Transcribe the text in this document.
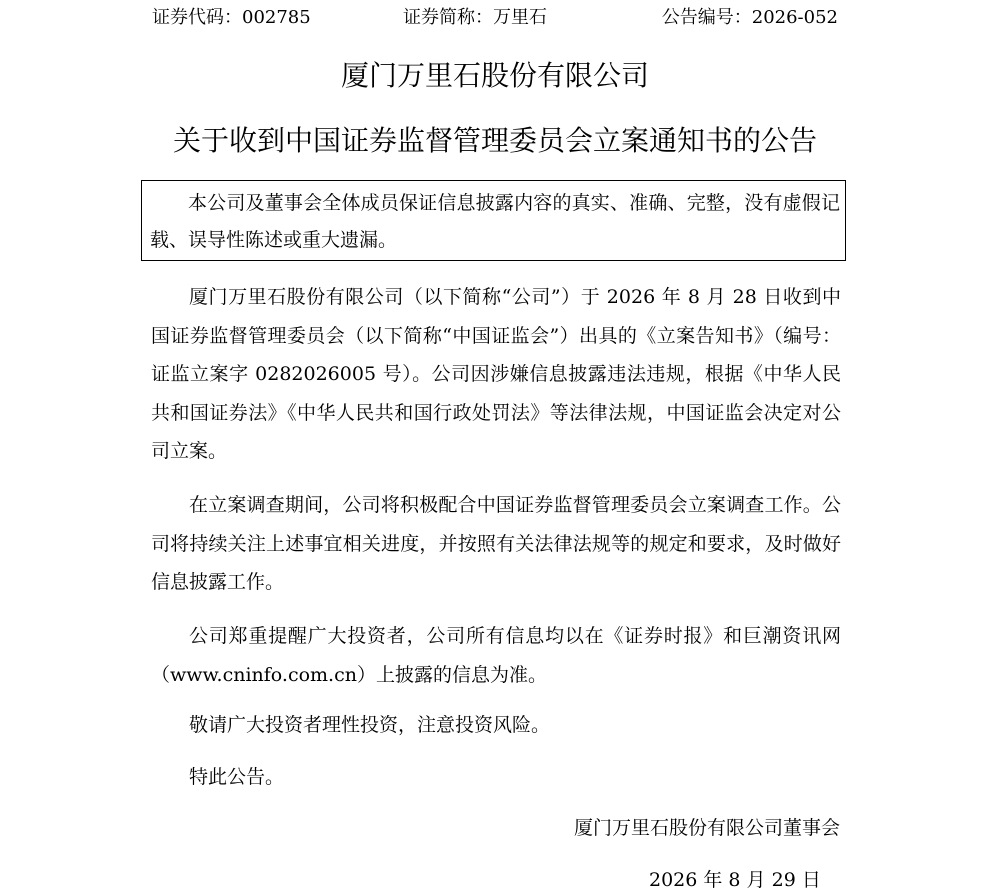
证券代码：002785	证券简称：万里石	公告编号：2026-052
厦门万里石股份有限公司
关于收到中国证券监督管理委员会立案通知书的公告

本公司及董事会全体成员保证信息披露内容的真实、准确、完整，没有虚假记载、误导性陈述或重大遗漏。

厦门万里石股份有限公司（以下简称“公司”）于 2026 年 8 月 28 日收到中国证券监督管理委员会（以下简称“中国证监会”）出具的《立案告知书》（编号：证监立案字 0282026005 号）。公司因涉嫌信息披露违法违规，根据《中华人民共和国证券法》《中华人民共和国行政处罚法》等法律法规，中国证监会决定对公司立案。

在立案调查期间，公司将积极配合中国证券监督管理委员会立案调查工作。公司将持续关注上述事宜相关进度，并按照有关法律法规等的规定和要求，及时做好信息披露工作。

公司郑重提醒广大投资者，公司所有信息均以在《证券时报》和巨潮资讯网（www.cninfo.com.cn）上披露的信息为准。

敬请广大投资者理性投资，注意投资风险。

特此公告。

厦门万里石股份有限公司董事会
2026 年 8 月 29 日
